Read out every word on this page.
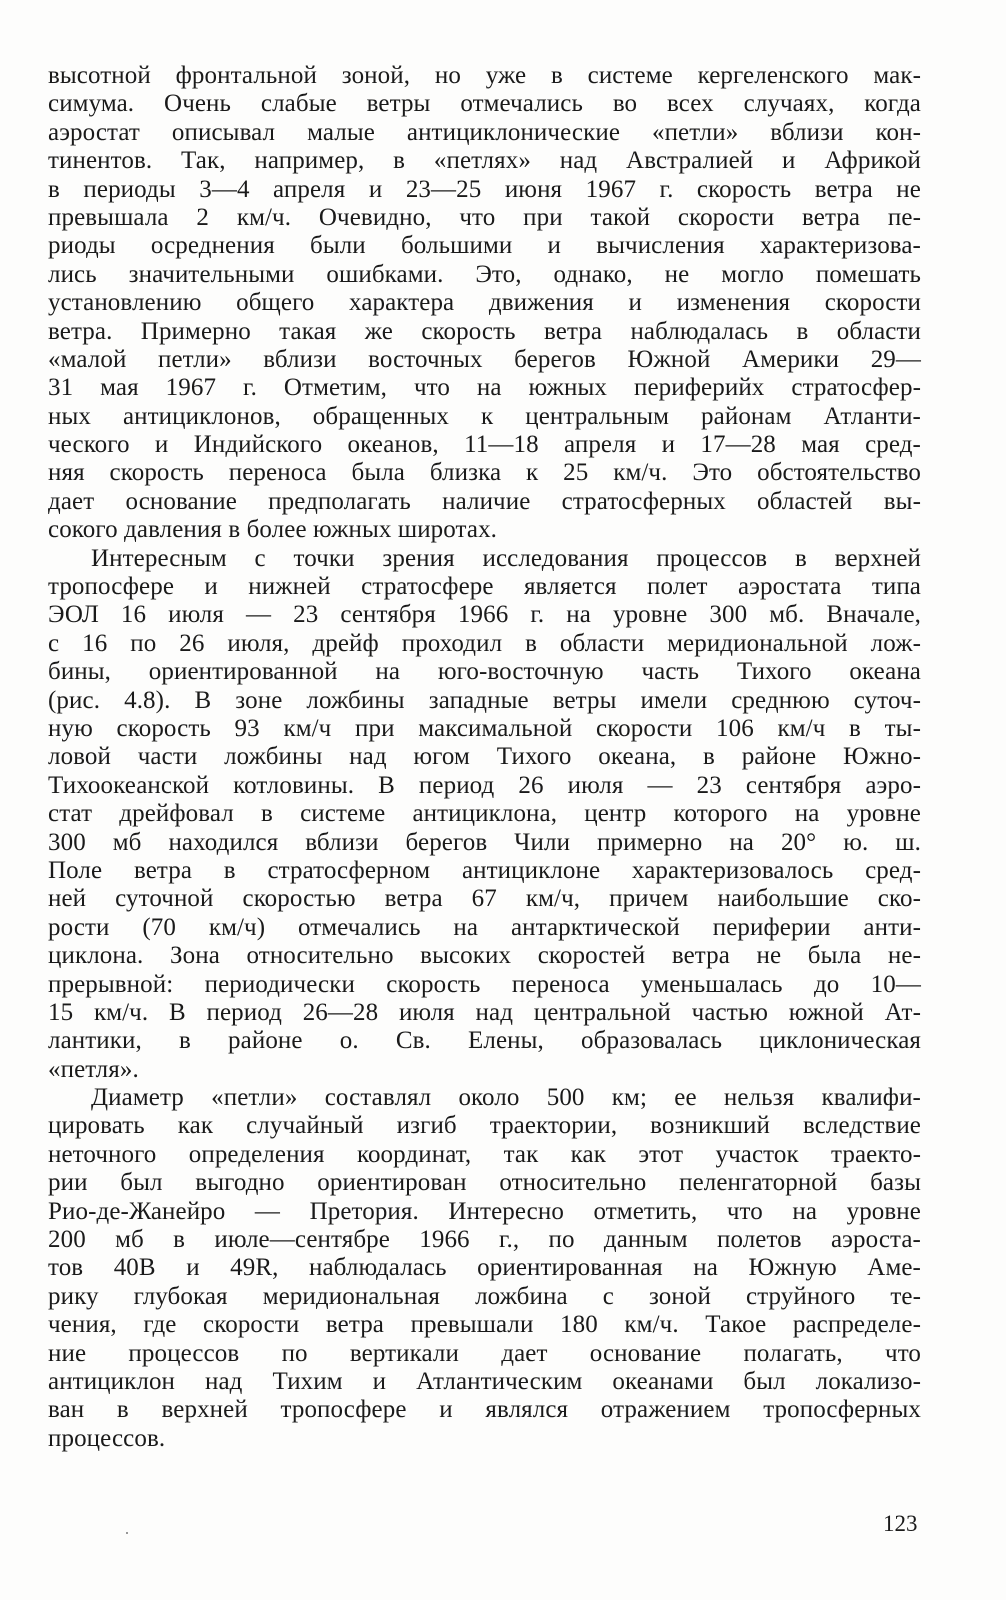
высотной фронтальной зоной, но уже в системе кергеленского мак-
симума. Очень слабые ветры отмечались во всех случаях, когда
аэростат описывал малые антициклонические «петли» вблизи кон-
тинентов. Так, например, в «петлях» над Австралией и Африкой
в периоды 3—4 апреля и 23—25 июня 1967 г. скорость ветра не
превышала 2 км/ч. Очевидно, что при такой скорости ветра пе-
риоды осреднения были большими и вычисления характеризова-
лись значительными ошибками. Это, однако, не могло помешать
установлению общего характера движения и изменения скорости
ветра. Примерно такая же скорость ветра наблюдалась в области
«малой петли» вблизи восточных берегов Южной Америки 29—
31 мая 1967 г. Отметим, что на южных периферийх стратосфер-
ных антициклонов, обращенных к центральным районам Атланти-
ческого и Индийского океанов, 11—18 апреля и 17—28 мая сред-
няя скорость переноса была близка к 25 км/ч. Это обстоятельство
дает основание предполагать наличие стратосферных областей вы-
сокого давления в более южных широтах.
Интересным с точки зрения исследования процессов в верхней
тропосфере и нижней стратосфере является полет аэростата типа
ЭОЛ 16 июля — 23 сентября 1966 г. на уровне 300 мб. Вначале,
с 16 по 26 июля, дрейф проходил в области меридиональной лож-
бины, ориентированной на юго-восточную часть Тихого океана
(рис. 4.8). В зоне ложбины западные ветры имели среднюю суточ-
ную скорость 93 км/ч при максимальной скорости 106 км/ч в ты-
ловой части ложбины над югом Тихого океана, в районе Южно-
Тихоокеанской котловины. В период 26 июля — 23 сентября аэро-
стат дрейфовал в системе антициклона, центр которого на уровне
300 мб находился вблизи берегов Чили примерно на 20° ю. ш.
Поле ветра в стратосферном антициклоне характеризовалось сред-
ней суточной скоростью ветра 67 км/ч, причем наибольшие ско-
рости (70 км/ч) отмечались на антарктической периферии анти-
циклона. Зона относительно высоких скоростей ветра не была не-
прерывной: периодически скорость переноса уменьшалась до 10—
15 км/ч. В период 26—28 июля над центральной частью южной Ат-
лантики, в районе о. Св. Елены, образовалась циклоническая
«петля».
Диаметр «петли» составлял около 500 км; ее нельзя квалифи-
цировать как случайный изгиб траектории, возникший вследствие
неточного определения координат, так как этот участок траекто-
рии был выгодно ориентирован относительно пеленгаторной базы
Рио-де-Жанейро — Претория. Интересно отметить, что на уровне
200 мб в июле—сентябре 1966 г., по данным полетов аэроста-
тов 40В и 49R, наблюдалась ориентированная на Южную Аме-
рику глубокая меридиональная ложбина с зоной струйного те-
чения, где скорости ветра превышали 180 км/ч. Такое распределе-
ние процессов по вертикали дает основание полагать, что
антициклон над Тихим и Атлантическим океанами был локализо-
ван в верхней тропосфере и являлся отражением тропосферных
процессов.
123
